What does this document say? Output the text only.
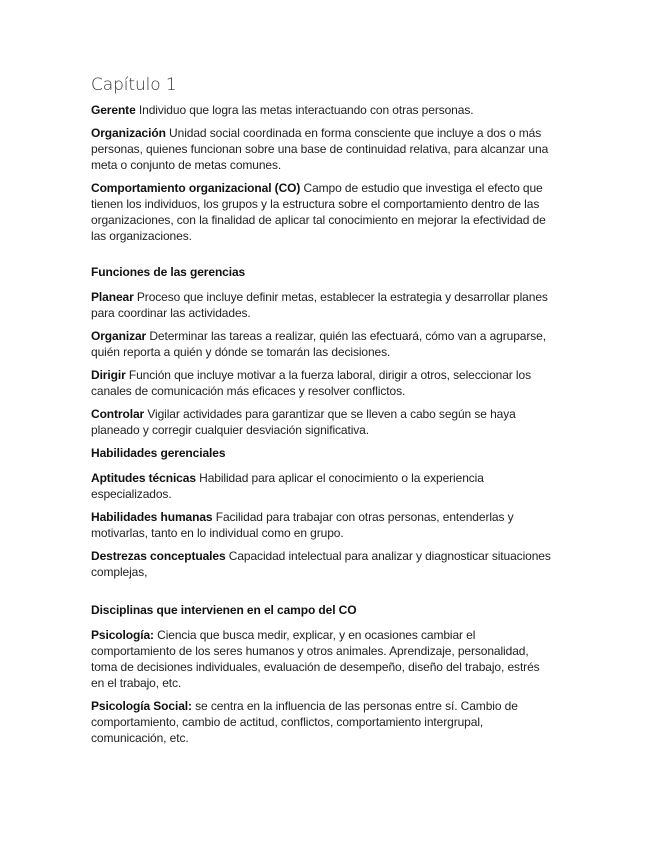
Capítulo 1

Gerente Individuo que logra las metas interactuando con otras personas.

Organización Unidad social coordinada en forma consciente que incluye a dos o más personas, quienes funcionan sobre una base de continuidad relativa, para alcanzar una meta o conjunto de metas comunes.

Comportamiento organizacional (CO) Campo de estudio que investiga el efecto que tienen los individuos, los grupos y la estructura sobre el comportamiento dentro de las organizaciones, con la finalidad de aplicar tal conocimiento en mejorar la efectividad de las organizaciones.

Funciones de las gerencias

Planear Proceso que incluye definir metas, establecer la estrategia y desarrollar planes para coordinar las actividades.

Organizar Determinar las tareas a realizar, quién las efectuará, cómo van a agruparse, quién reporta a quién y dónde se tomarán las decisiones.

Dirigir Función que incluye motivar a la fuerza laboral, dirigir a otros, seleccionar los canales de comunicación más eficaces y resolver conflictos.

Controlar Vigilar actividades para garantizar que se lleven a cabo según se haya planeado y corregir cualquier desviación significativa.

Habilidades gerenciales

Aptitudes técnicas Habilidad para aplicar el conocimiento o la experiencia especializados.

Habilidades humanas Facilidad para trabajar con otras personas, entenderlas y motivarlas, tanto en lo individual como en grupo.

Destrezas conceptuales Capacidad intelectual para analizar y diagnosticar situaciones complejas,

Disciplinas que intervienen en el campo del CO

Psicología: Ciencia que busca medir, explicar, y en ocasiones cambiar el comportamiento de los seres humanos y otros animales. Aprendizaje, personalidad, toma de decisiones individuales, evaluación de desempeño, diseño del trabajo, estrés en el trabajo, etc.

Psicología Social: se centra en la influencia de las personas entre sí. Cambio de comportamiento, cambio de actitud, conflictos, comportamiento intergrupal, comunicación, etc.
